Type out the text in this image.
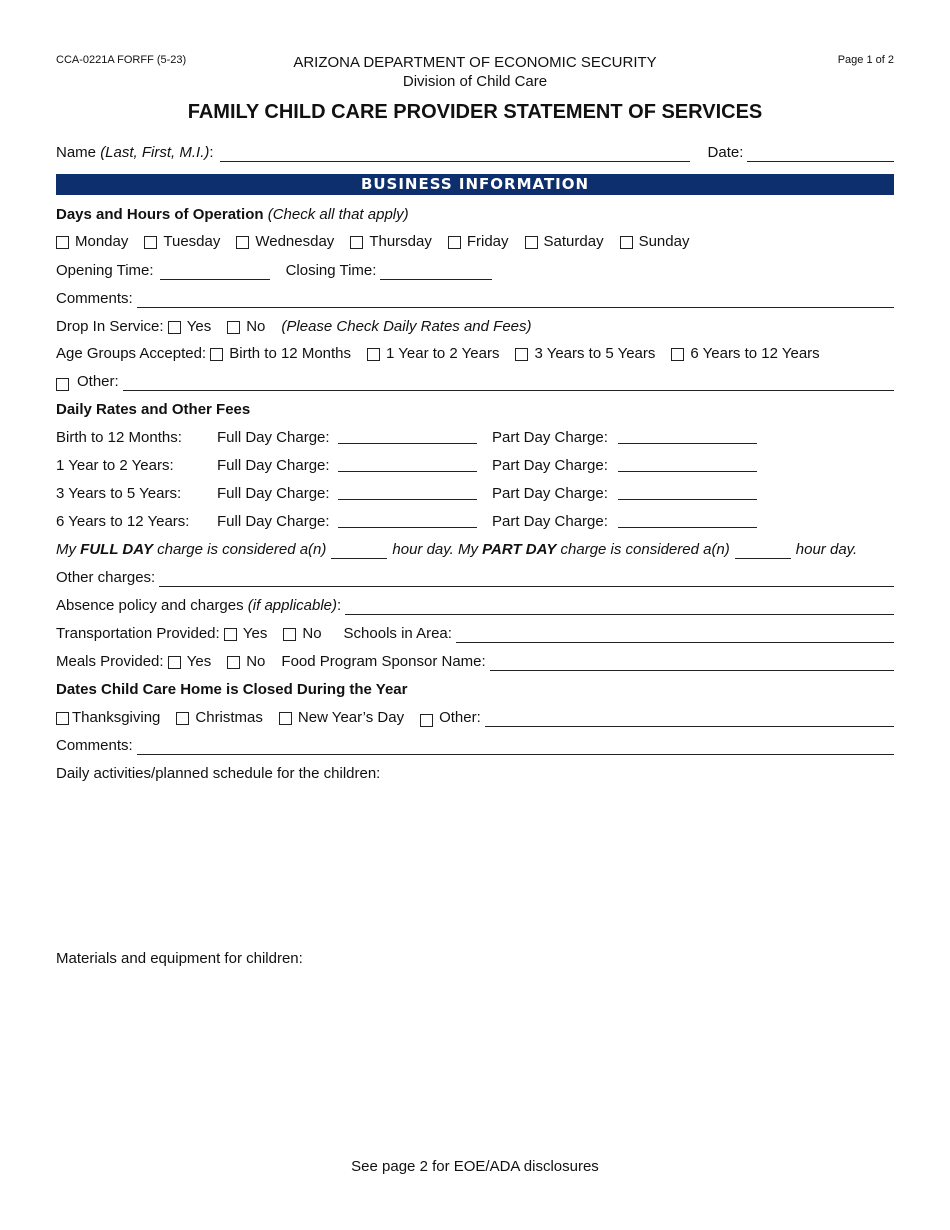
CCA-0221A FORFF (5-23)	ARIZONA DEPARTMENT OF ECONOMIC SECURITY
Division of Child Care
Page 1 of 2
FAMILY CHILD CARE PROVIDER STATEMENT OF SERVICES
Name
(Last, First, M.I.) :	Date:
BUSINESS INFORMATION
Days and Hours of Operation
(Check all that apply)
Monday Tuesday Wednesday Thursday Friday Saturday Sunday
Opening Time:	Closing Time:
Comments:
Drop In Service:
Yes No (Please Check Daily Rates and Fees)
Age Groups Accepted:
Birth to 12 Months 1 Year to 2 Years 3 Years to 5 Years 6 Years to 12 Years
Other:
Daily Rates and Other Fees
Birth to 12 Months: Full Day Charge:	Part Day Charge:
1 Year to 2 Years:	Full Day Charge:	Part Day Charge:
3 Years to 5 Years: Full Day Charge:	Part Day Charge:
6 Years to 12 Years: Full Day Charge:	Part Day Charge:
My
FULL DAY
charge is considered a(n)	hour day. My
PART DAY
charge is considered a(n)	hour day.
Other charges:
Absence policy and charges
(if applicable) :
Transportation Provided:
Yes No Schools in Area:
Meals Provided:
Yes No Food Program Sponsor Name:
Dates Child Care Home is Closed During the Year
Thanksgiving Christmas New Year’s Day Other:
Comments:
Daily activities/planned schedule for the children:
Materials and equipment for children:
See page 2 for EOE/ADA disclosures
